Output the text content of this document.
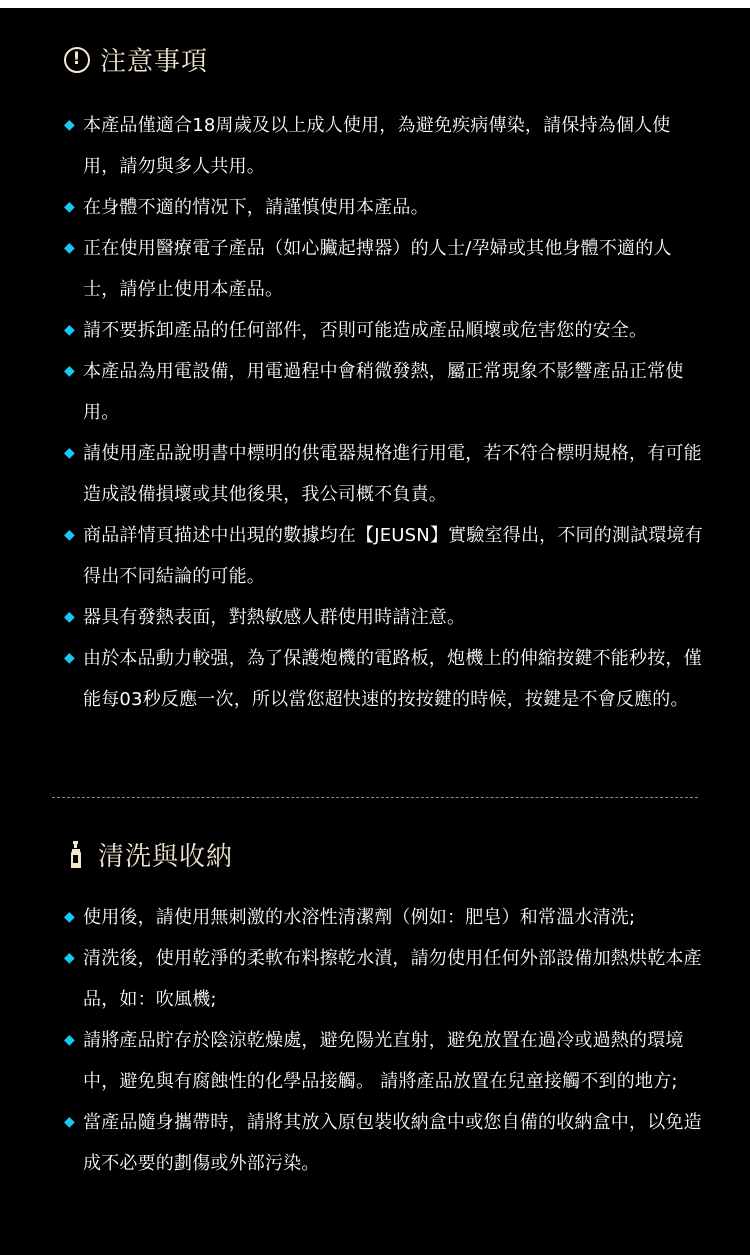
! 注意事項
◆ 本產品僅適合18周歲及以上成人使用，為避免疾病傳染，請保持為個人使用，請勿與多人共用。
◆ 在身體不適的情况下，請謹慎使用本產品。
◆ 正在使用醫療電子產品（如心臟起搏器）的人士/孕婦或其他身體不適的人士，請停止使用本產品。
◆ 請不要拆卸產品的任何部件，否則可能造成產品順壞或危害您的安全。
◆ 本產品為用電設備，用電過程中會稍微發熱，屬正常現象不影響產品正常使用。
◆ 請使用產品說明書中標明的供電器規格進行用電，若不符合標明規格，有可能造成設備損壞或其他後果，我公司概不負責。
◆ 商品詳情頁描述中出現的數據均在【JEUSN】實驗室得出，不同的測試環境有得出不同結論的可能。
◆ 器具有發熱表面，對熱敏感人群使用時請注意。
◆ 由於本品動力較强，為了保護炮機的電路板，炮機上的伸縮按鍵不能秒按，僅能每03秒反應一次，所以當您超快速的按按鍵的時候，按鍵是不會反應的。
清洗與收納
◆ 使用後，請使用無刺激的水溶性清潔劑（例如：肥皂）和常溫水清洗;
◆ 清洗後，使用乾淨的柔軟布料擦乾水漬，請勿使用任何外部設備加熱烘乾本產品，如：吹風機;
◆ 請將產品貯存於陰涼乾燥處，避免陽光直射，避免放置在過冷或過熱的環境中，避免與有腐蝕性的化學品接觸。 請將產品放置在兒童接觸不到的地方;
◆ 當產品隨身攜帶時，請將其放入原包裝收納盒中或您自備的收納盒中，以免造成不必要的劃傷或外部污染。
